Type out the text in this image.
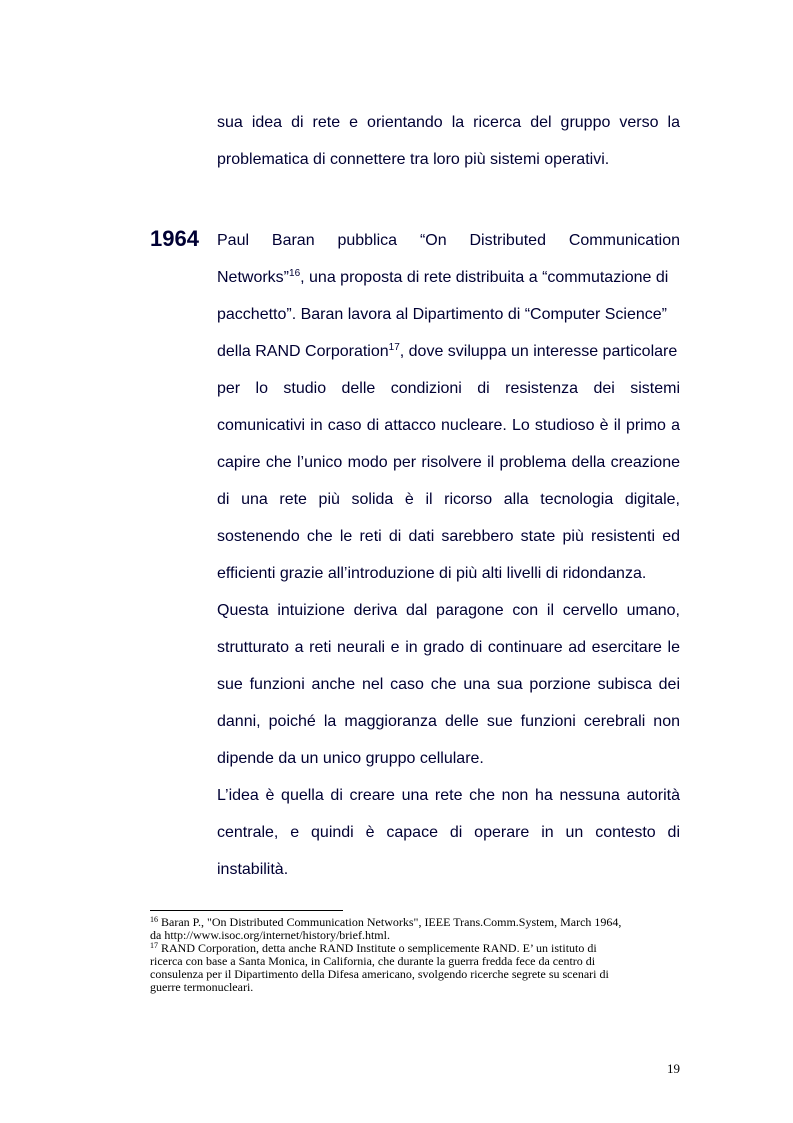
sua idea di rete e orientando la ricerca del gruppo verso la
problematica di connettere tra loro più sistemi operativi.
1964 Paul Baran pubblica “On Distributed Communication
Networks”$^{16}$, una proposta di rete distribuita a “commutazione di
pacchetto”. Baran lavora al Dipartimento di “Computer Science”
della RAND Corporation$^{17}$, dove sviluppa un interesse particolare
per lo studio delle condizioni di resistenza dei sistemi
comunicativi in caso di attacco nucleare. Lo studioso è il primo a
capire che l’unico modo per risolvere il problema della creazione
di una rete più solida è il ricorso alla tecnologia digitale,
sostenendo che le reti di dati sarebbero state più resistenti ed
efficienti grazie all’introduzione di più alti livelli di ridondanza.
Questa intuizione deriva dal paragone con il cervello umano,
strutturato a reti neurali e in grado di continuare ad esercitare le
sue funzioni anche nel caso che una sua porzione subisca dei
danni, poiché la maggioranza delle sue funzioni cerebrali non
dipende da un unico gruppo cellulare.
L’idea è quella di creare una rete che non ha nessuna autorità
centrale, e quindi è capace di operare in un contesto di
instabilità.
$^{16}$ Baran P., "On Distributed Communication Networks", IEEE Trans.Comm.System, March 1964,
da http://www.isoc.org/internet/history/brief.html.
$^{17}$ RAND Corporation, detta anche RAND Institute o semplicemente RAND. E’ un istituto di
ricerca con base a Santa Monica, in California, che durante la guerra fredda fece da centro di
consulenza per il Dipartimento della Difesa americano, svolgendo ricerche segrete su scenari di
guerre termonucleari.
19
